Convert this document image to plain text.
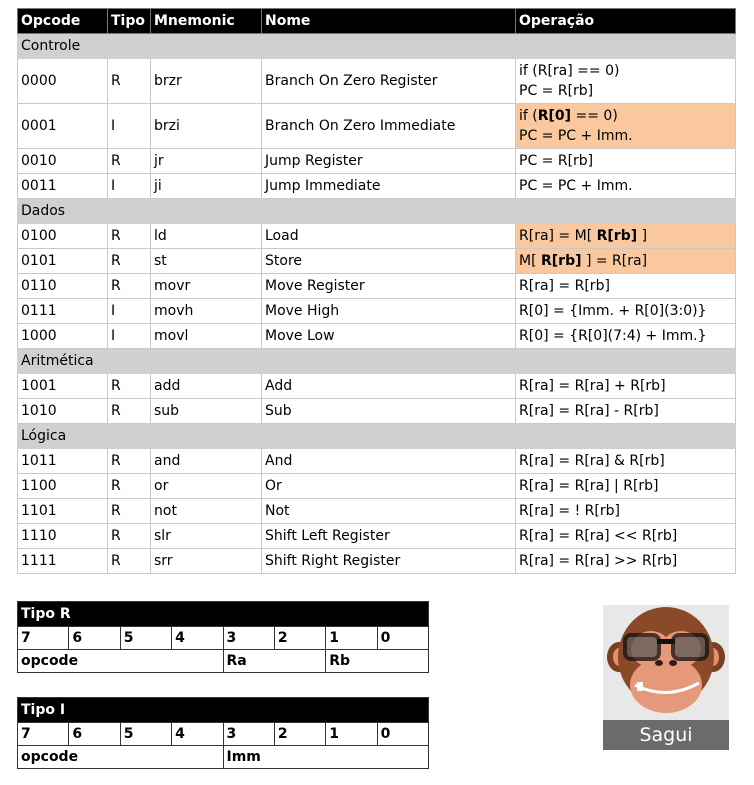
Opcode	Tipo	Mnemonic	Nome	Operação
Controle				
0000	R	brzr	Branch On Zero Register	if (R[ra] == 0)
PC = R[rb]

0001	I	brzi	Branch On Zero Immediate	if (R[0] == 0)
PC = PC + Imm.

0010	R	jr	Jump Register	PC = R[rb]
0011	I	ji	Jump Immediate	PC = PC + Imm.
Dados				
0100	R	ld	Load	R[ra] = M[ R[rb] ]
0101	R	st	Store	M[ R[rb] ] = R[ra]
0110	R	movr	Move Register	R[ra] = R[rb]
0111	I	movh	Move High	R[0] = {Imm. + R[0](3:0)}
1000	I	movl	Move Low	R[0] = {R[0](7:4) + Imm.}
Aritmética				
1001	R	add	Add	R[ra] = R[ra] + R[rb]
1010	R	sub	Sub	R[ra] = R[ra] - R[rb]
Lógica				
1011	R	and	And	R[ra] = R[ra] & R[rb]
1100	R	or	Or	R[ra] = R[ra] | R[rb]
1101	R	not	Not	R[ra] = ! R[rb]
1110	R	slr	Shift Left Register	R[ra] = R[ra] << R[rb]
1111	R	srr	Shift Right Register	R[ra] = R[ra] >> R[rb]
Tipo R							
7	6	5	4	3	2	1	0
opcode				Ra		Rb	
Tipo I							
7	6	5	4	3	2	1	0
opcode				Imm			
Sagui
